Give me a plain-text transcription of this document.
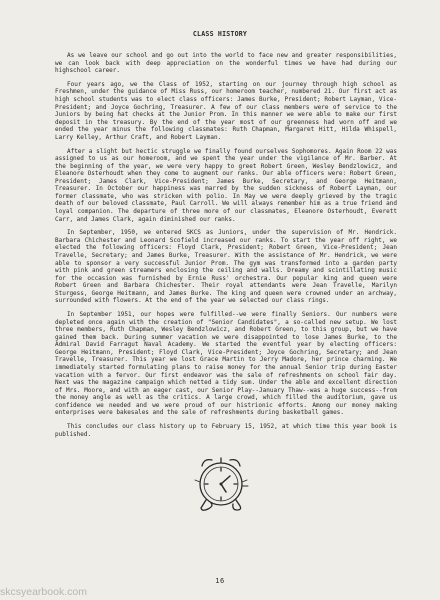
CLASS HISTORY

As we leave our school and go out into the world to face new and greater responsibilities, we can look back with deep appreciation on the wonderful times we have had during our highschool career.

Four years ago, we the Class of 1952, starting on our journey through high school as Freshmen, under the guidance of Miss Russ, our homeroom teacher, numbered 21. Our first act as high school students was to elect class officers: James Burke, President; Robert Layman, Vice-President; and Joyce Gochring, Treasurer. A few of our class members were of service to the Juniors by being hat checks at the Junior Prom. In this manner we were able to make our first deposit in the treasury. By the end of the year most of our greenness had worn off and we ended the year minus the following classmates: Ruth Chapman, Margaret Hitt, Hilda Whispell, Larry Kelley, Arthur Craft, and Robert Layman.

After a slight but hectic struggle we finally found ourselves Sophomores. Again Room 22 was assigned to us as our homeroom, and we spent the year under the vigilance of Mr. Barber. At the beginning of the year, we were very happy to greet Robert Green, Wesley Bendzlowicz, and Eleanore Osterhoudt when they come to augment our ranks. Our able officers were: Robert Green, President; James Clark, Vice-President; James Burke, Secretary, and George Heitmann, Treasurer. In October our happiness was marred by the sudden sickness of Robert Layman, our former classmate, who was stricken with polio. In May we were deeply grieved by the tragic death of our beloved classmate, Paul Carroll. We will always remember him as a true friend and loyal companion. The departure of three more of our classmates, Eleanore Osterhoudt, Everett Carr, and James Clark, again diminished our ranks.

In September, 1950, we entered SKCS as Juniors, under the supervision of Mr. Hendrick. Barbara Chichester and Leonard Scofield increased our ranks. To start the year off right, we elected the following officers: Floyd Clark, President; Robert Green, Vice-President; Jean Travelle, Secretary; and James Burke, Treasurer. With the assistance of Mr. Hendrick, we were able to sponsor a very successful Junior Prom. The gym was transformed into a garden party with pink and green streamers enclosing the ceiling and walls. Dreamy and scintillating music for the occasion was furnished by Ernie Russ' orchestra. Our popular king and queen were Robert Green and Barbara Chichester. Their royal attendants were Jean Travelle, Marilyn Sturgess, George Heitmann, and James Burke. The king and queen were crowned under an archway, surrounded with flowers. At the end of the year we selected our class rings.

In September 1951, our hopes were fulfilled--we were finally Seniors. Our numbers were depleted once again with the creation of "Senior Candidates", a so-called new setup. We lost three members, Ruth Chapman, Wesley Bendzlowicz, and Robert Green, to this group, but we have gained them back. During summer vacation we were disappointed to lose James Burke, to the Admiral David Farragut Naval Academy. We started the eventful year by electing officers: George Heitmann, President; Floyd Clark, Vice-President; Joyce Gochring, Secretary; and Jean Travelle, Treasurer. This year we lost Grace Martin to Jerry Madore, her prince charming. We immediately started formulating plans to raise money for the annual Senior trip during Easter vacation with a fervor. Our first endeavor was the sale of refreshments on school fair day. Next was the magazine campaign which netted a tidy sum. Under the able and excellent direction of Mrs. Moore, and with an eager cast, our Senior Play--January Thaw--was a huge success--from the money angle as well as the critics. A large crowd, which filled the auditorium, gave us confidence we needed and we were proud of our histrionic efforts. Among our money making enterprises were bakesales and the sale of refreshments during basketball games.

This concludes our class history up to February 15, 1952, at which time this year book is published.

16
skcsyearbook.com
